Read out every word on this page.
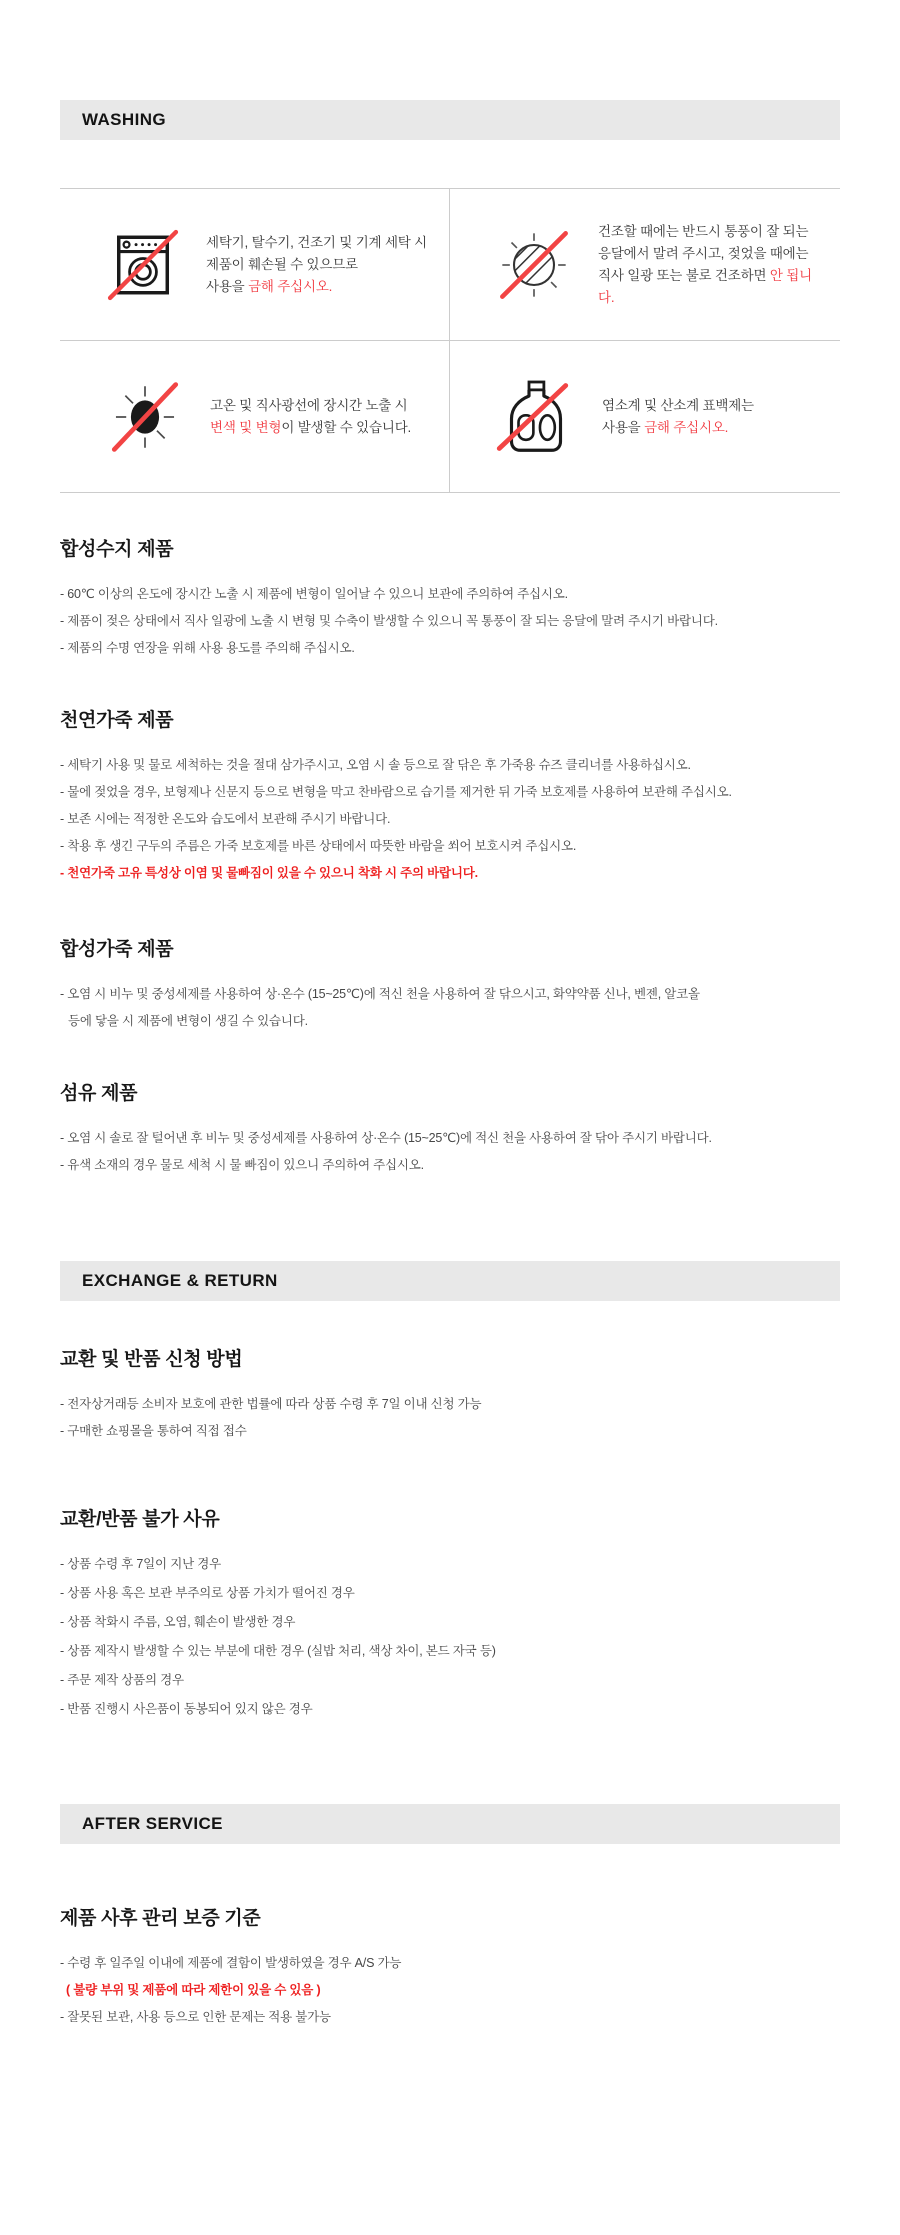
WASHING
세탁기, 탈수기, 건조기 및 기계 세탁 시
제품이 훼손될 수 있으므로
사용을 금해 주십시오.
건조할 때에는 반드시 통풍이 잘 되는
응달에서 말려 주시고, 젖었을 때에는
직사 일광 또는 불로 건조하면 안 됩니다.
고온 및 직사광선에 장시간 노출 시
변색 및 변형이 발생할 수 있습니다.
염소계 및 산소계 표백제는
사용을 금해 주십시오.
합성수지 제품

- 60℃ 이상의 온도에 장시간 노출 시 제품에 변형이 일어날 수 있으니 보관에 주의하여 주십시오.

- 제품이 젖은 상태에서 직사 일광에 노출 시 변형 및 수축이 발생할 수 있으니 꼭 통풍이 잘 되는 응달에 말려 주시기 바랍니다.

- 제품의 수명 연장을 위해 사용 용도를 주의해 주십시오.

천연가죽 제품

- 세탁기 사용 및 물로 세척하는 것을 절대 삼가주시고, 오염 시 솔 등으로 잘 닦은 후 가죽용 슈즈 클리너를 사용하십시오.

- 물에 젖었을 경우, 보형제나 신문지 등으로 변형을 막고 찬바람으로 습기를 제거한 뒤 가죽 보호제를 사용하여 보관해 주십시오.

- 보존 시에는 적정한 온도와 습도에서 보관해 주시기 바랍니다.

- 착용 후 생긴 구두의 주름은 가죽 보호제를 바른 상태에서 따뜻한 바람을 쐬어 보호시켜 주십시오.

- 천연가죽 고유 특성상 이염 및 물빠짐이 있을 수 있으니 착화 시 주의 바랍니다.

합성가죽 제품

- 오염 시 비누 및 중성세제를 사용하여 상·온수 (15~25℃)에 적신 천을 사용하여 잘 닦으시고, 화약약품 신나, 벤젠, 알코올

등에 닿을 시 제품에 변형이 생길 수 있습니다.

섬유 제품

- 오염 시 솔로 잘 털어낸 후 비누 및 중성세제를 사용하여 상·온수 (15~25℃)에 적신 천을 사용하여 잘 닦아 주시기 바랍니다.

- 유색 소재의 경우 물로 세척 시 물 빠짐이 있으니 주의하여 주십시오.

EXCHANGE & RETURN
교환 및 반품 신청 방법

- 전자상거래등 소비자 보호에 관한 법률에 따라 상품 수령 후 7일 이내 신청 가능

- 구매한 쇼핑몰을 통하여 직접 접수

교환/반품 불가 사유

- 상품 수령 후 7일이 지난 경우

- 상품 사용 혹은 보관 부주의로 상품 가치가 떨어진 경우

- 상품 착화시 주름, 오염, 훼손이 발생한 경우

- 상품 제작시 발생할 수 있는 부분에 대한 경우 (실밥 처리, 색상 차이, 본드 자국 등)

- 주문 제작 상품의 경우

- 반품 진행시 사은품이 동봉되어 있지 않은 경우

AFTER SERVICE
제품 사후 관리 보증 기준

- 수령 후 일주일 이내에 제품에 결함이 발생하였을 경우 A/S 가능

( 불량 부위 및 제품에 따라 제한이 있을 수 있음 )

- 잘못된 보관, 사용 등으로 인한 문제는 적용 불가능
